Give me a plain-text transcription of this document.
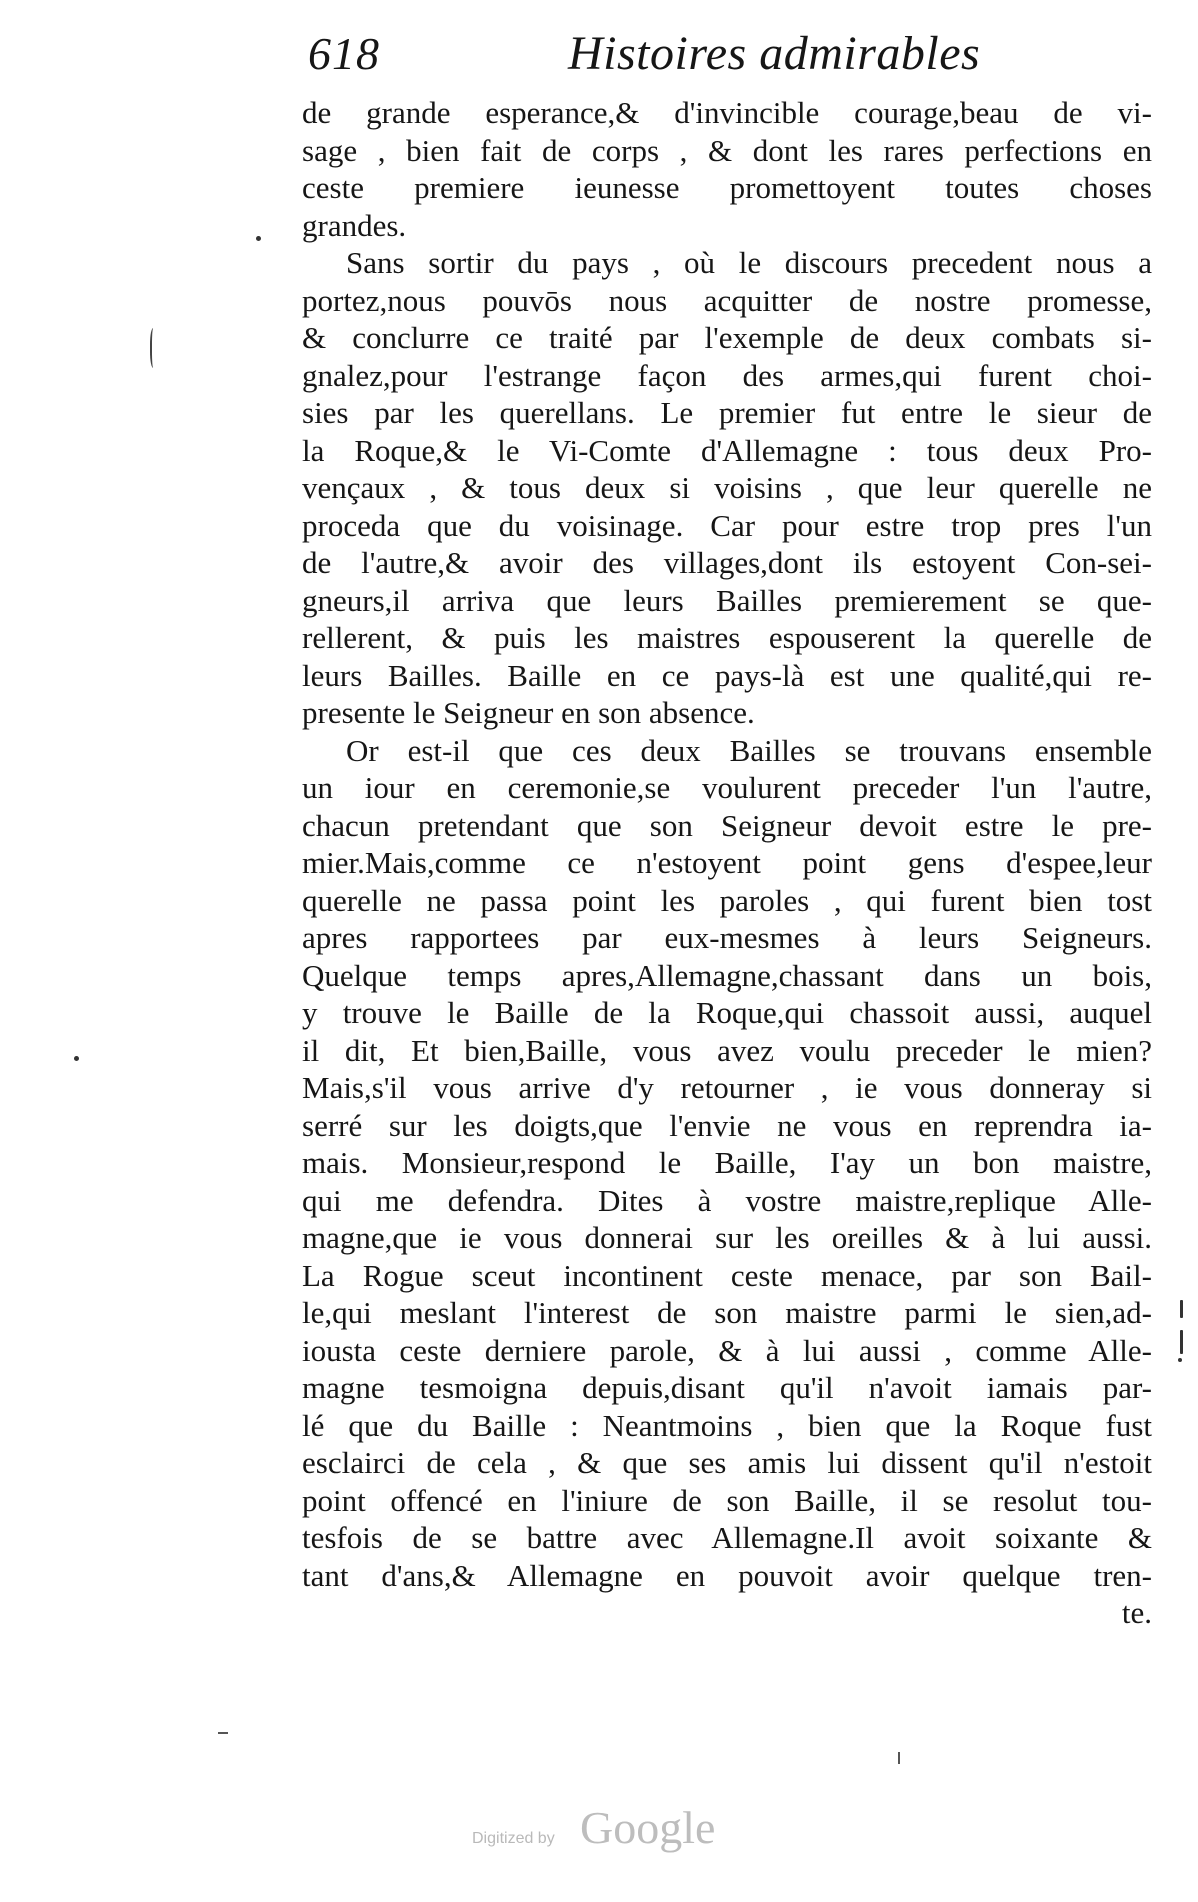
618	Histoires admirables
de grande esperance,& d'invincible courage,beau de vi-
sage , bien fait de corps , & dont les rares perfections en
ceste premiere ieunesse promettoyent toutes choses
grandes.
Sans sortir du pays , où le discours precedent nous a
portez,nous pouvōs nous acquitter de nostre promesse,
& conclurre ce traité par l'exemple de deux combats si-
gnalez,pour l'estrange façon des armes,qui furent choi-
sies par les querellans. Le premier fut entre le sieur de
la Roque,& le Vi-Comte d'Allemagne : tous deux Pro-
vençaux , & tous deux si voisins , que leur querelle ne
proceda que du voisinage. Car pour estre trop pres l'un
de l'autre,& avoir des villages,dont ils estoyent Con-sei-
gneurs,il arriva que leurs Bailles premierement se que-
rellerent, & puis les maistres espouserent la querelle de
leurs Bailles. Baille en ce pays-là est une qualité,qui re-
presente le Seigneur en son absence.
Or est-il que ces deux Bailles se trouvans ensemble
un iour en ceremonie,se voulurent preceder l'un l'autre,
chacun pretendant que son Seigneur devoit estre le pre-
mier.Mais,comme ce n'estoyent point gens d'espee,leur
querelle ne passa point les paroles , qui furent bien tost
apres rapportees par eux-mesmes à leurs Seigneurs.
Quelque temps apres,Allemagne,chassant dans un bois,
y trouve le Baille de la Roque,qui chassoit aussi, auquel
il dit, Et bien,Baille, vous avez voulu preceder le mien?
Mais,s'il vous arrive d'y retourner , ie vous donneray si
serré sur les doigts,que l'envie ne vous en reprendra ia-
mais. Monsieur,respond le Baille, I'ay un bon maistre,
qui me defendra. Dites à vostre maistre,replique Alle-
magne,que ie vous donnerai sur les oreilles & à lui aussi.
La Rogue sceut incontinent ceste menace, par son Bail-
le,qui meslant l'interest de son maistre parmi le sien,ad-
iousta ceste derniere parole, & à lui aussi , comme Alle-
magne tesmoigna depuis,disant qu'il n'avoit iamais par-
lé que du Baille : Neantmoins , bien que la Roque fust
esclairci de cela , & que ses amis lui dissent qu'il n'estoit
point offencé en l'iniure de son Baille, il se resolut tou-
tesfois de se battre avec Allemagne.Il avoit soixante &
tant d'ans,& Allemagne en pouvoit avoir quelque tren-
te.
Digitized by Google
